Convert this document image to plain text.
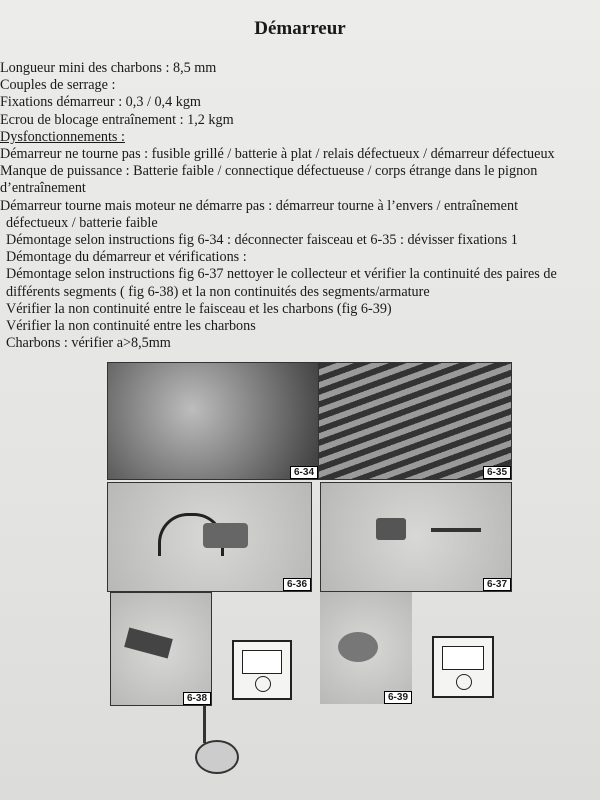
Démarreur
Longueur mini des charbons : 8,5 mm
Couples de serrage :
Fixations démarreur : 0,3 / 0,4 kgm
Ecrou de blocage entraînement : 1,2 kgm
Dysfonctionnements :
Démarreur ne tourne pas : fusible grillé / batterie à plat / relais défectueux / démarreur défectueux
Manque de puissance : Batterie faible / connectique défectueuse / corps étrange dans le pignon
d’entraînement
Démarreur tourne mais moteur ne démarre pas : démarreur tourne à l’envers / entraînement
défectueux / batterie faible
Démontage selon instructions fig 6-34 : déconnecter faisceau et 6-35 : dévisser fixations 1
Démontage du démarreur et vérifications :
Démontage selon instructions fig 6-37 nettoyer le collecteur et vérifier la continuité des paires de
différents segments ( fig 6-38) et la non continuités des segments/armature
Vérifier la non continuité entre le faisceau et les charbons (fig 6-39)
Vérifier la non continuité entre les charbons
Charbons : vérifier a>8,5mm
6-34	6-35
6-36	6-37
6-38	6-39
